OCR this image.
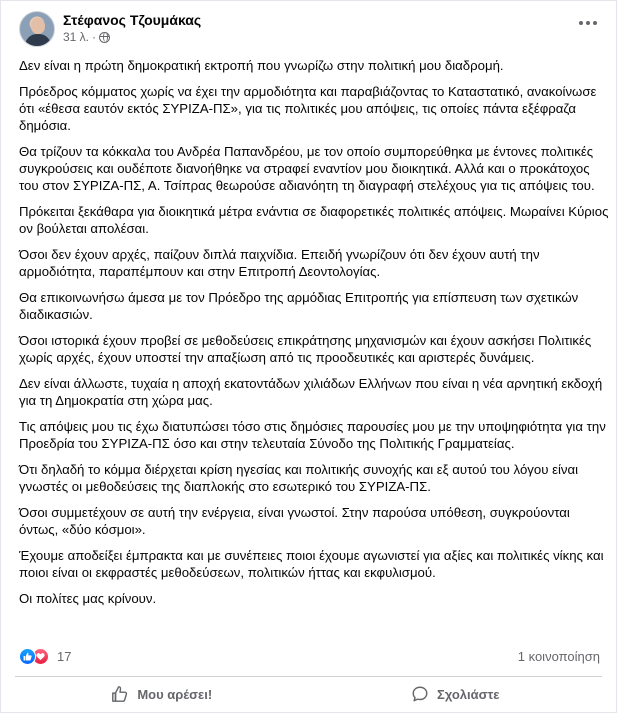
Στέφανος Τζουμάκας
31 λ. ·

Δεν είναι η πρώτη δημοκρατική εκτροπή που γνωρίζω στην πολιτική μου διαδρομή.

Πρόεδρος κόμματος χωρίς να έχει την αρμοδιότητα και παραβιάζοντας το Καταστατικό, ανακοίνωσε ότι «έθεσα εαυτόν εκτός ΣΥΡΙΖΑ-ΠΣ», για τις πολιτικές μου απόψεις, τις οποίες πάντα εξέφραζα δημόσια.

Θα τρίζουν τα κόκκαλα του Ανδρέα Παπανδρέου, με τον οποίο συμπορεύθηκα με έντονες πολιτικές συγκρούσεις και ουδέποτε διανοήθηκε να στραφεί εναντίον μου διοικητικά. Αλλά και ο προκάτοχος του στον ΣΥΡΙΖΑ-ΠΣ, Α. Τσίπρας θεωρούσε αδιανόητη τη διαγραφή στελέχους για τις απόψεις του.

Πρόκειται ξεκάθαρα για διοικητικά μέτρα ενάντια σε διαφορετικές πολιτικές απόψεις. Μωραίνει Κύριος ον βούλεται απολέσαι.

Όσοι δεν έχουν αρχές, παίζουν διπλά παιχνίδια. Επειδή γνωρίζουν ότι δεν έχουν αυτή την αρμοδιότητα, παραπέμπουν και στην Επιτροπή Δεοντολογίας.

Θα επικοινωνήσω άμεσα με τον Πρόεδρο της αρμόδιας Επιτροπής για επίσπευση των σχετικών διαδικασιών.

Όσοι ιστορικά έχουν προβεί σε μεθοδεύσεις επικράτησης μηχανισμών και έχουν ασκήσει Πολιτικές χωρίς αρχές, έχουν υποστεί την απαξίωση από τις προοδευτικές και αριστερές δυνάμεις.

Δεν είναι άλλωστε, τυχαία η αποχή εκατοντάδων χιλιάδων Ελλήνων που είναι η νέα αρνητική εκδοχή για τη Δημοκρατία στη χώρα μας.

Τις απόψεις μου τις έχω διατυπώσει τόσο στις δημόσιες παρουσίες μου με την υποψηφιότητα για την Προεδρία του ΣΥΡΙΖΑ-ΠΣ όσο και στην τελευταία Σύνοδο της Πολιτικής Γραμματείας.

Ότι δηλαδή το κόμμα διέρχεται κρίση ηγεσίας και πολιτικής συνοχής και εξ αυτού του λόγου είναι γνωστές οι μεθοδεύσεις της διαπλοκής στο εσωτερικό του ΣΥΡΙΖΑ-ΠΣ.

Όσοι συμμετέχουν σε αυτή την ενέργεια, είναι γνωστοί. Στην παρούσα υπόθεση, συγκρούονται όντως, «δύο κόσμοι».

Έχουμε αποδείξει έμπρακτα και με συνέπειες ποιοι έχουμε αγωνιστεί για αξίες και πολιτικές νίκης και ποιοι είναι οι εκφραστές μεθοδεύσεων, πολιτικών ήττας και εκφυλισμού.

Οι πολίτες μας κρίνουν.

17	1 κοινοποίηση
Μου αρέσει!	Σχολιάστε
